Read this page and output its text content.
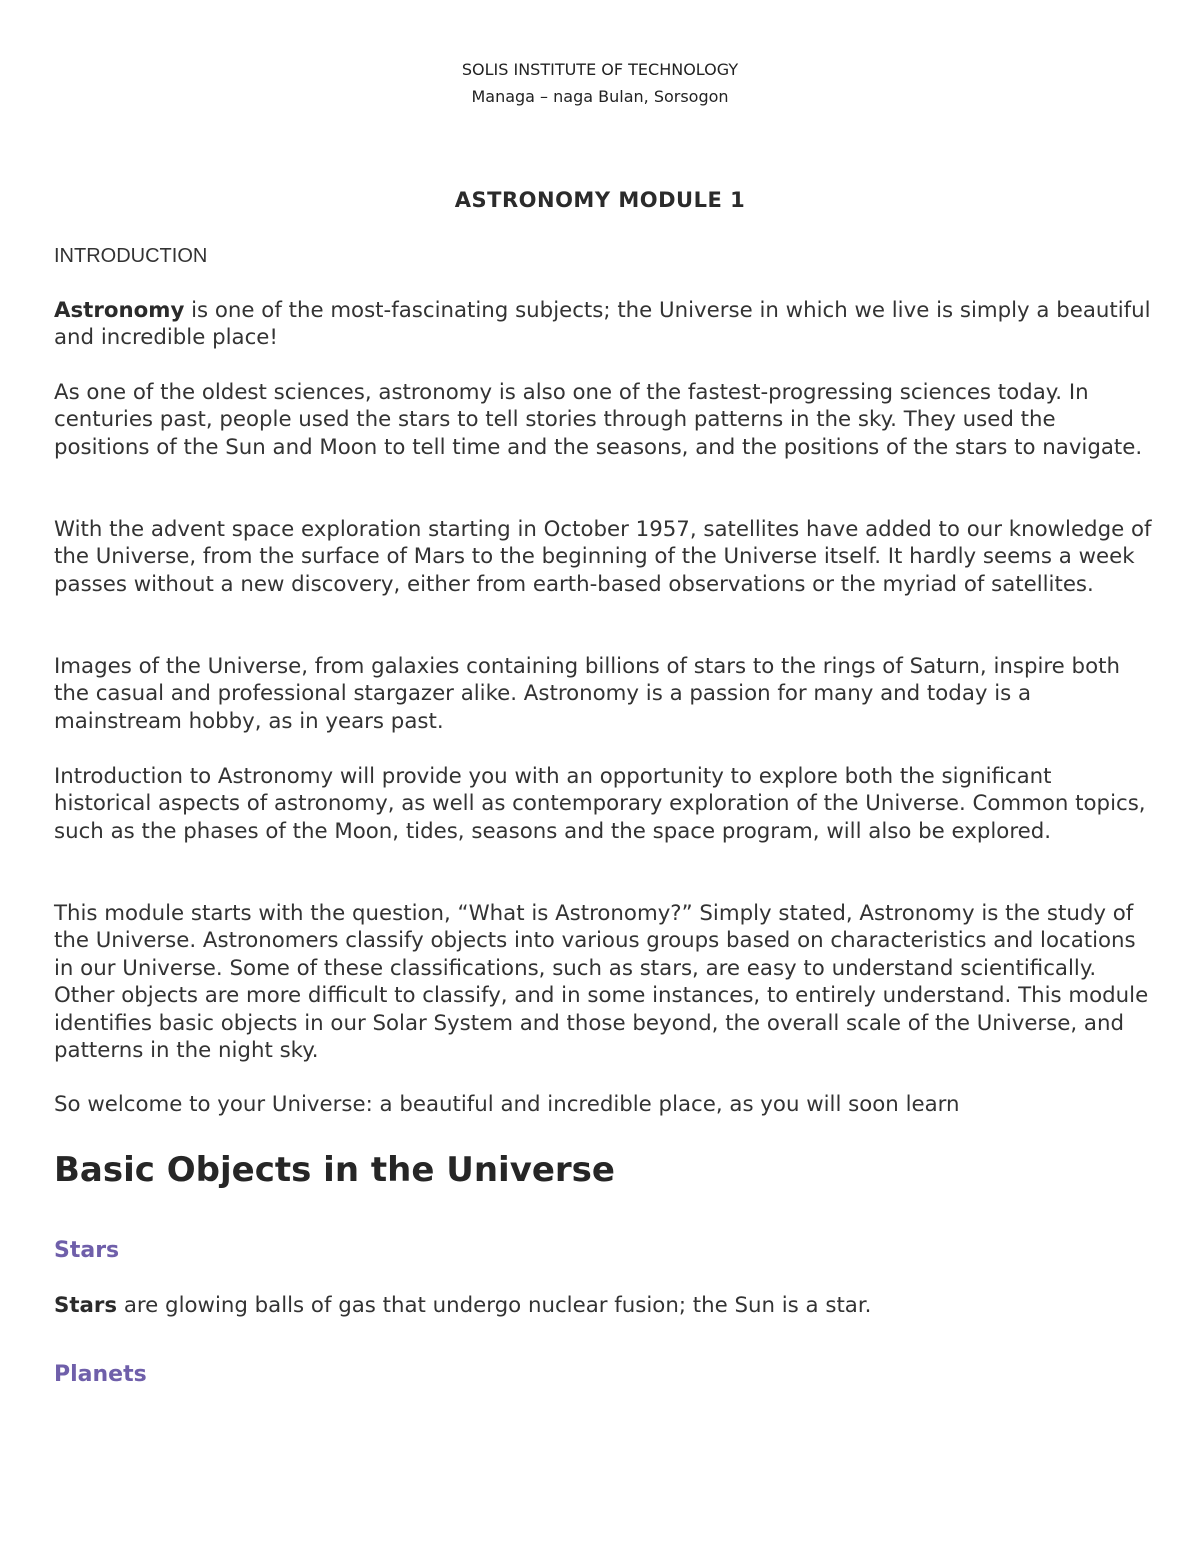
SOLIS INSTITUTE OF TECHNOLOGY
Managa – naga Bulan, Sorsogon
ASTRONOMY MODULE 1
INTRODUCTION

Astronomy is one of the most-fascinating subjects; the Universe in which we live is simply a beautiful and incredible place!

As one of the oldest sciences, astronomy is also one of the fastest-progressing sciences today. In centuries past, people used the stars to tell stories through patterns in the sky. They used the positions of the Sun and Moon to tell time and the seasons, and the positions of the stars to navigate.

With the advent space exploration starting in October 1957, satellites have added to our knowledge of the Universe, from the surface of Mars to the beginning of the Universe itself. It hardly seems a week passes without a new discovery, either from earth-based observations or the myriad of satellites.

Images of the Universe, from galaxies containing billions of stars to the rings of Saturn, inspire both the casual and professional stargazer alike. Astronomy is a passion for many and today is a mainstream hobby, as in years past.

Introduction to Astronomy will provide you with an opportunity to explore both the significant historical aspects of astronomy, as well as contemporary exploration of the Universe. Common topics, such as the phases of the Moon, tides, seasons and the space program, will also be explored.

This module starts with the question, “What is Astronomy?” Simply stated, Astronomy is the study of the Universe. Astronomers classify objects into various groups based on characteristics and locations in our Universe. Some of these classifications, such as stars, are easy to understand scientifically. Other objects are more difficult to classify, and in some instances, to entirely understand. This module identifies basic objects in our Solar System and those beyond, the overall scale of the Universe, and patterns in the night sky.

So welcome to your Universe: a beautiful and incredible place, as you will soon learn

Basic Objects in the Universe
Stars

Stars are glowing balls of gas that undergo nuclear fusion; the Sun is a star.

Planets
